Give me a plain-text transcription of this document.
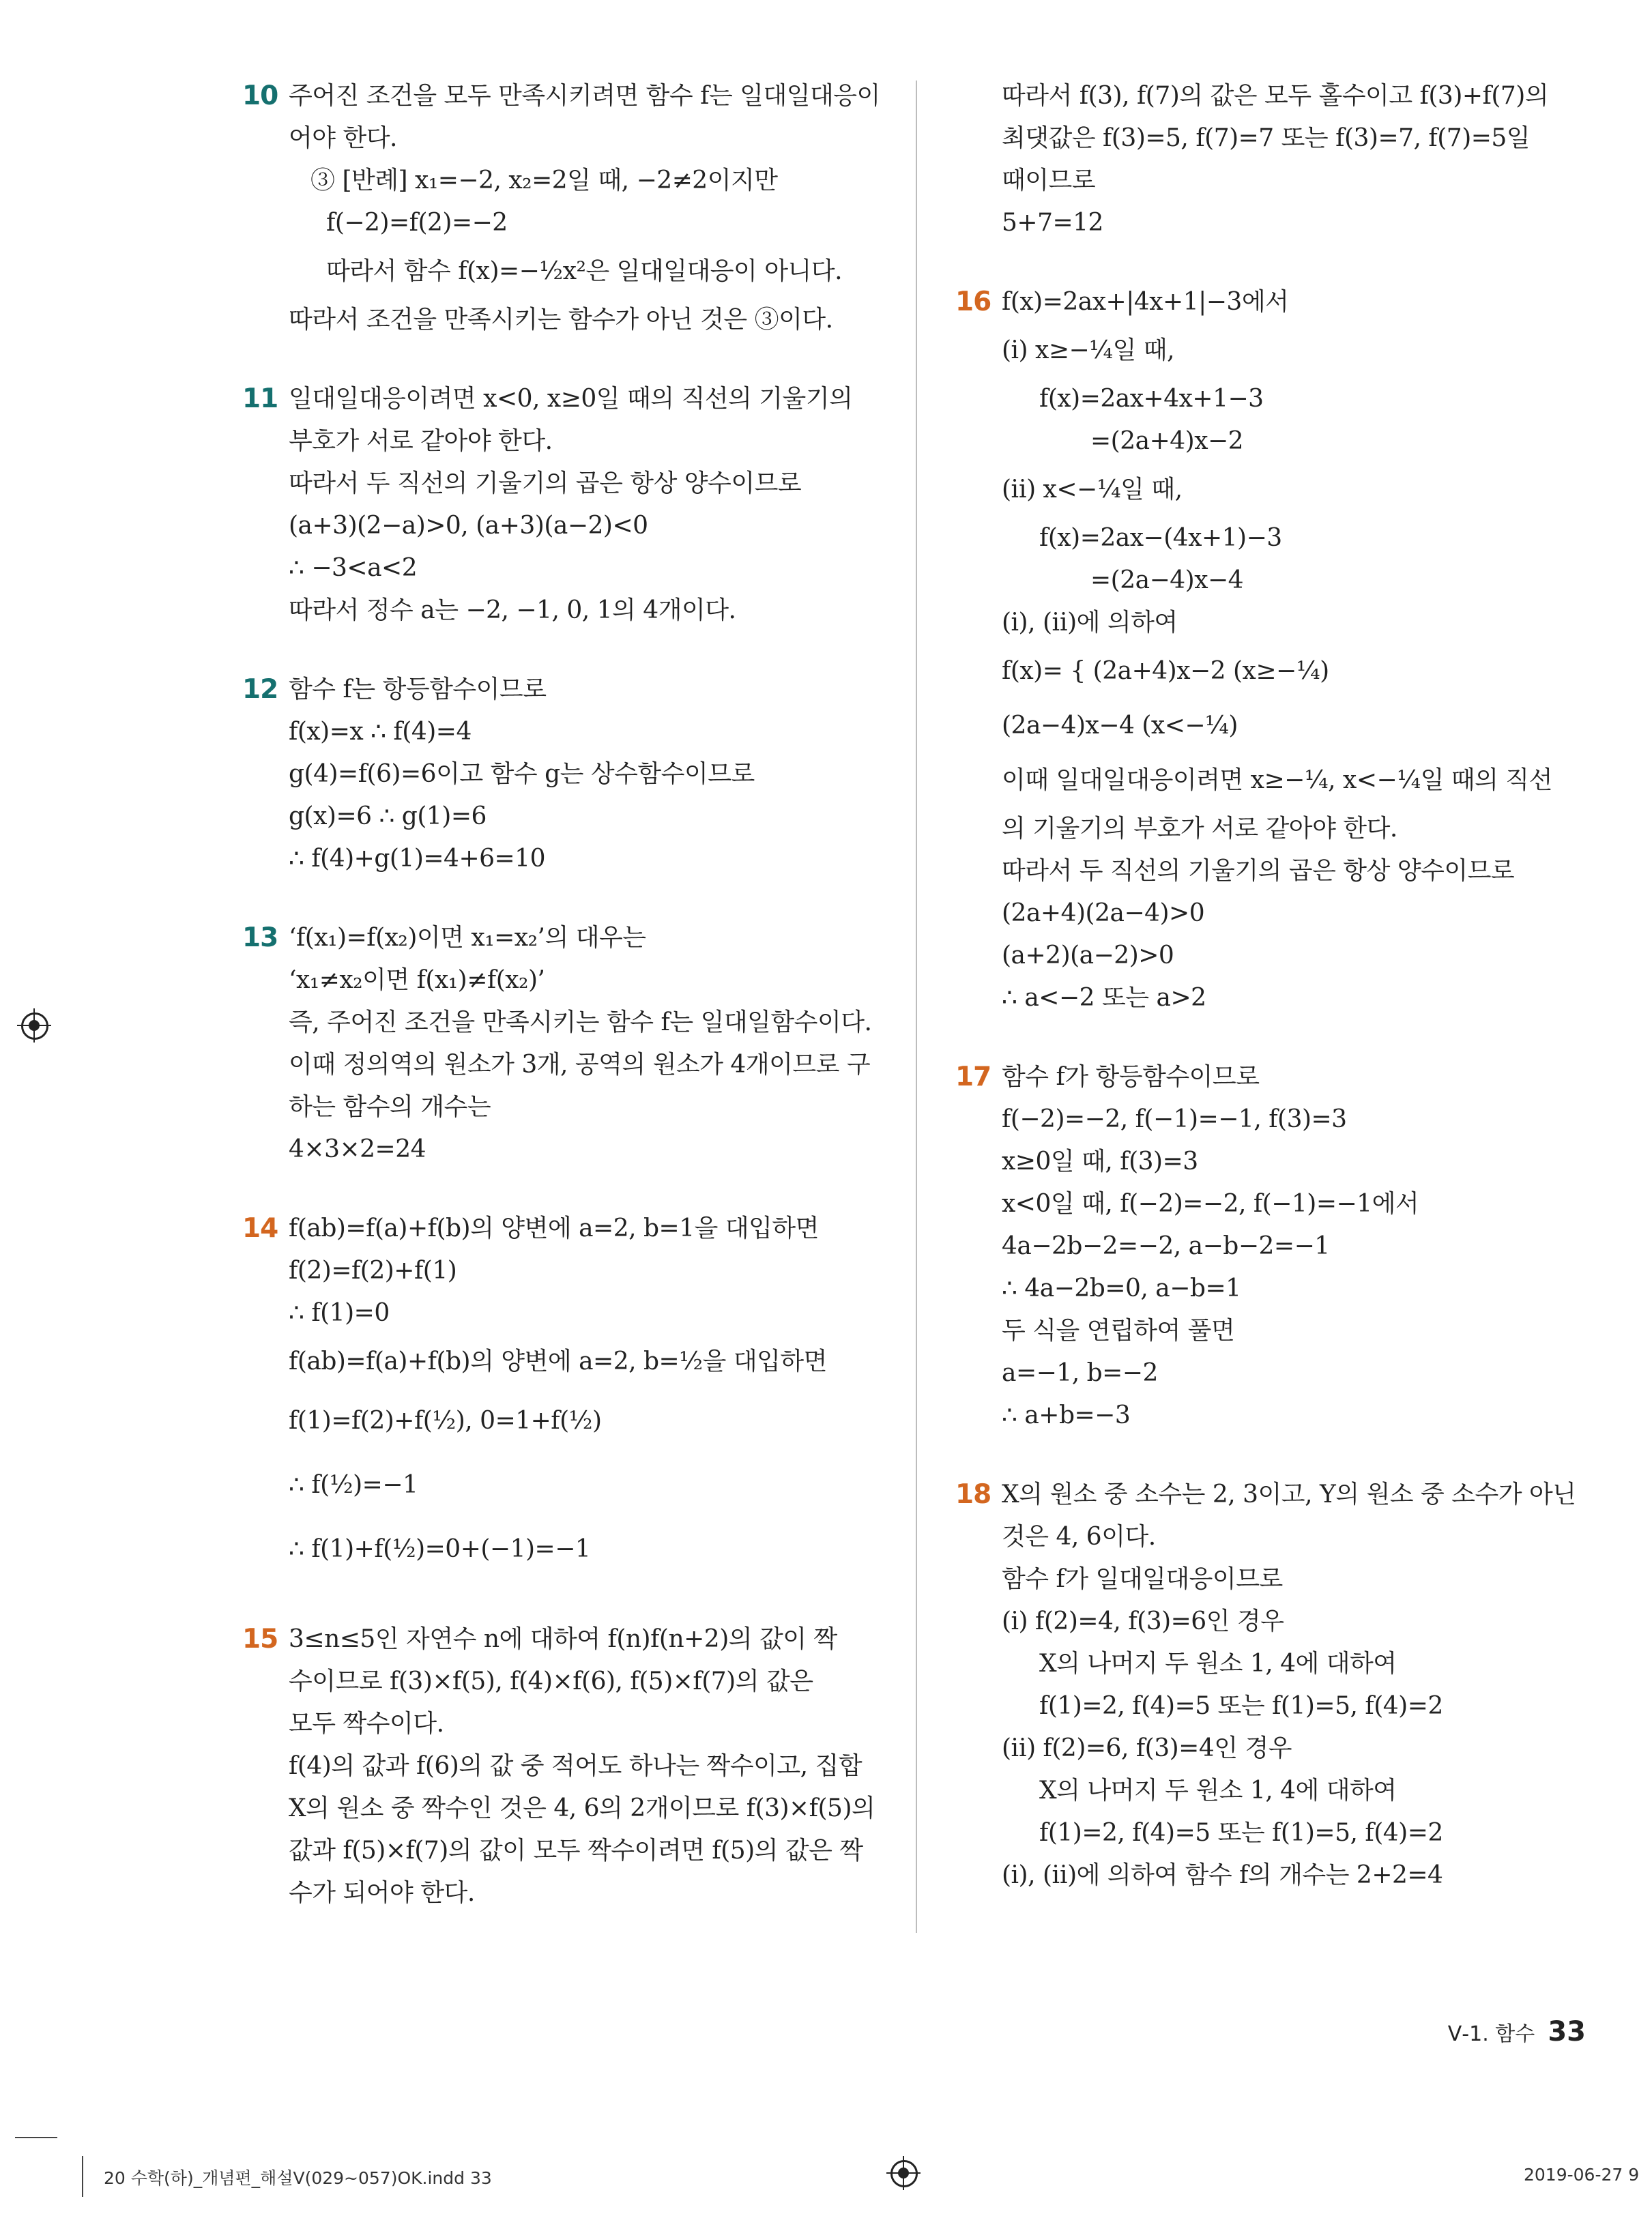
10 주어진 조건을 모두 만족시키려면 함수 f는 일대일대응이
어야 한다.
③ [반례] x₁=−2, x₂=2일 때, −2≠2이지만
f(−2)=f(2)=−2
따라서 함수 f(x)=−½x²은 일대일대응이 아니다.
따라서 조건을 만족시키는 함수가 아닌 것은 ③이다.
11 일대일대응이려면 x<0, x≥0일 때의 직선의 기울기의
부호가 서로 같아야 한다.
따라서 두 직선의 기울기의 곱은 항상 양수이므로
(a+3)(2−a)>0, (a+3)(a−2)<0
∴ −3<a<2
따라서 정수 a는 −2, −1, 0, 1의 4개이다.
12 함수 f는 항등함수이므로
f(x)=x ∴ f(4)=4
g(4)=f(6)=6이고 함수 g는 상수함수이므로
g(x)=6 ∴ g(1)=6
∴ f(4)+g(1)=4+6=10
13 ‘f(x₁)=f(x₂)이면 x₁=x₂’의 대우는
‘x₁≠x₂이면 f(x₁)≠f(x₂)’
즉, 주어진 조건을 만족시키는 함수 f는 일대일함수이다.
이때 정의역의 원소가 3개, 공역의 원소가 4개이므로 구
하는 함수의 개수는
4×3×2=24
14 f(ab)=f(a)+f(b)의 양변에 a=2, b=1을 대입하면
f(2)=f(2)+f(1)
∴ f(1)=0
f(ab)=f(a)+f(b)의 양변에 a=2, b=½을 대입하면
f(1)=f(2)+f(½), 0=1+f(½)
∴ f(½)=−1
∴ f(1)+f(½)=0+(−1)=−1
15 3≤n≤5인 자연수 n에 대하여 f(n)f(n+2)의 값이 짝
수이므로 f(3)×f(5), f(4)×f(6), f(5)×f(7)의 값은
모두 짝수이다.
f(4)의 값과 f(6)의 값 중 적어도 하나는 짝수이고, 집합
X의 원소 중 짝수인 것은 4, 6의 2개이므로 f(3)×f(5)의
값과 f(5)×f(7)의 값이 모두 짝수이려면 f(5)의 값은 짝
수가 되어야 한다.
따라서 f(3), f(7)의 값은 모두 홀수이고 f(3)+f(7)의
최댓값은 f(3)=5, f(7)=7 또는 f(3)=7, f(7)=5일
때이므로
5+7=12
16 f(x)=2ax+|4x+1|−3에서
(ⅰ) x≥−¼일 때,
f(x)=2ax+4x+1−3
=(2a+4)x−2
(ⅱ) x<−¼일 때,
f(x)=2ax−(4x+1)−3
=(2a−4)x−4
(ⅰ), (ⅱ)에 의하여
f(x)= { (2a+4)x−2 (x≥−¼)
(2a−4)x−4 (x<−¼)
이때 일대일대응이려면 x≥−¼, x<−¼일 때의 직선
의 기울기의 부호가 서로 같아야 한다.
따라서 두 직선의 기울기의 곱은 항상 양수이므로
(2a+4)(2a−4)>0
(a+2)(a−2)>0
∴ a<−2 또는 a>2
17 함수 f가 항등함수이므로
f(−2)=−2, f(−1)=−1, f(3)=3
x≥0일 때, f(3)=3
x<0일 때, f(−2)=−2, f(−1)=−1에서
4a−2b−2=−2, a−b−2=−1
∴ 4a−2b=0, a−b=1
두 식을 연립하여 풀면
a=−1, b=−2
∴ a+b=−3
18 X의 원소 중 소수는 2, 3이고, Y의 원소 중 소수가 아닌
것은 4, 6이다.
함수 f가 일대일대응이므로
(ⅰ) f(2)=4, f(3)=6인 경우
X의 나머지 두 원소 1, 4에 대하여
f(1)=2, f(4)=5 또는 f(1)=5, f(4)=2
(ⅱ) f(2)=6, f(3)=4인 경우
X의 나머지 두 원소 1, 4에 대하여
f(1)=2, f(4)=5 또는 f(1)=5, f(4)=2
(ⅰ), (ⅱ)에 의하여 함수 f의 개수는 2+2=4
Ⅴ-1. 함수 33
20 수학(하)_개념편_해설Ⅴ(029~057)OK.indd 33	2019-06-27 9
